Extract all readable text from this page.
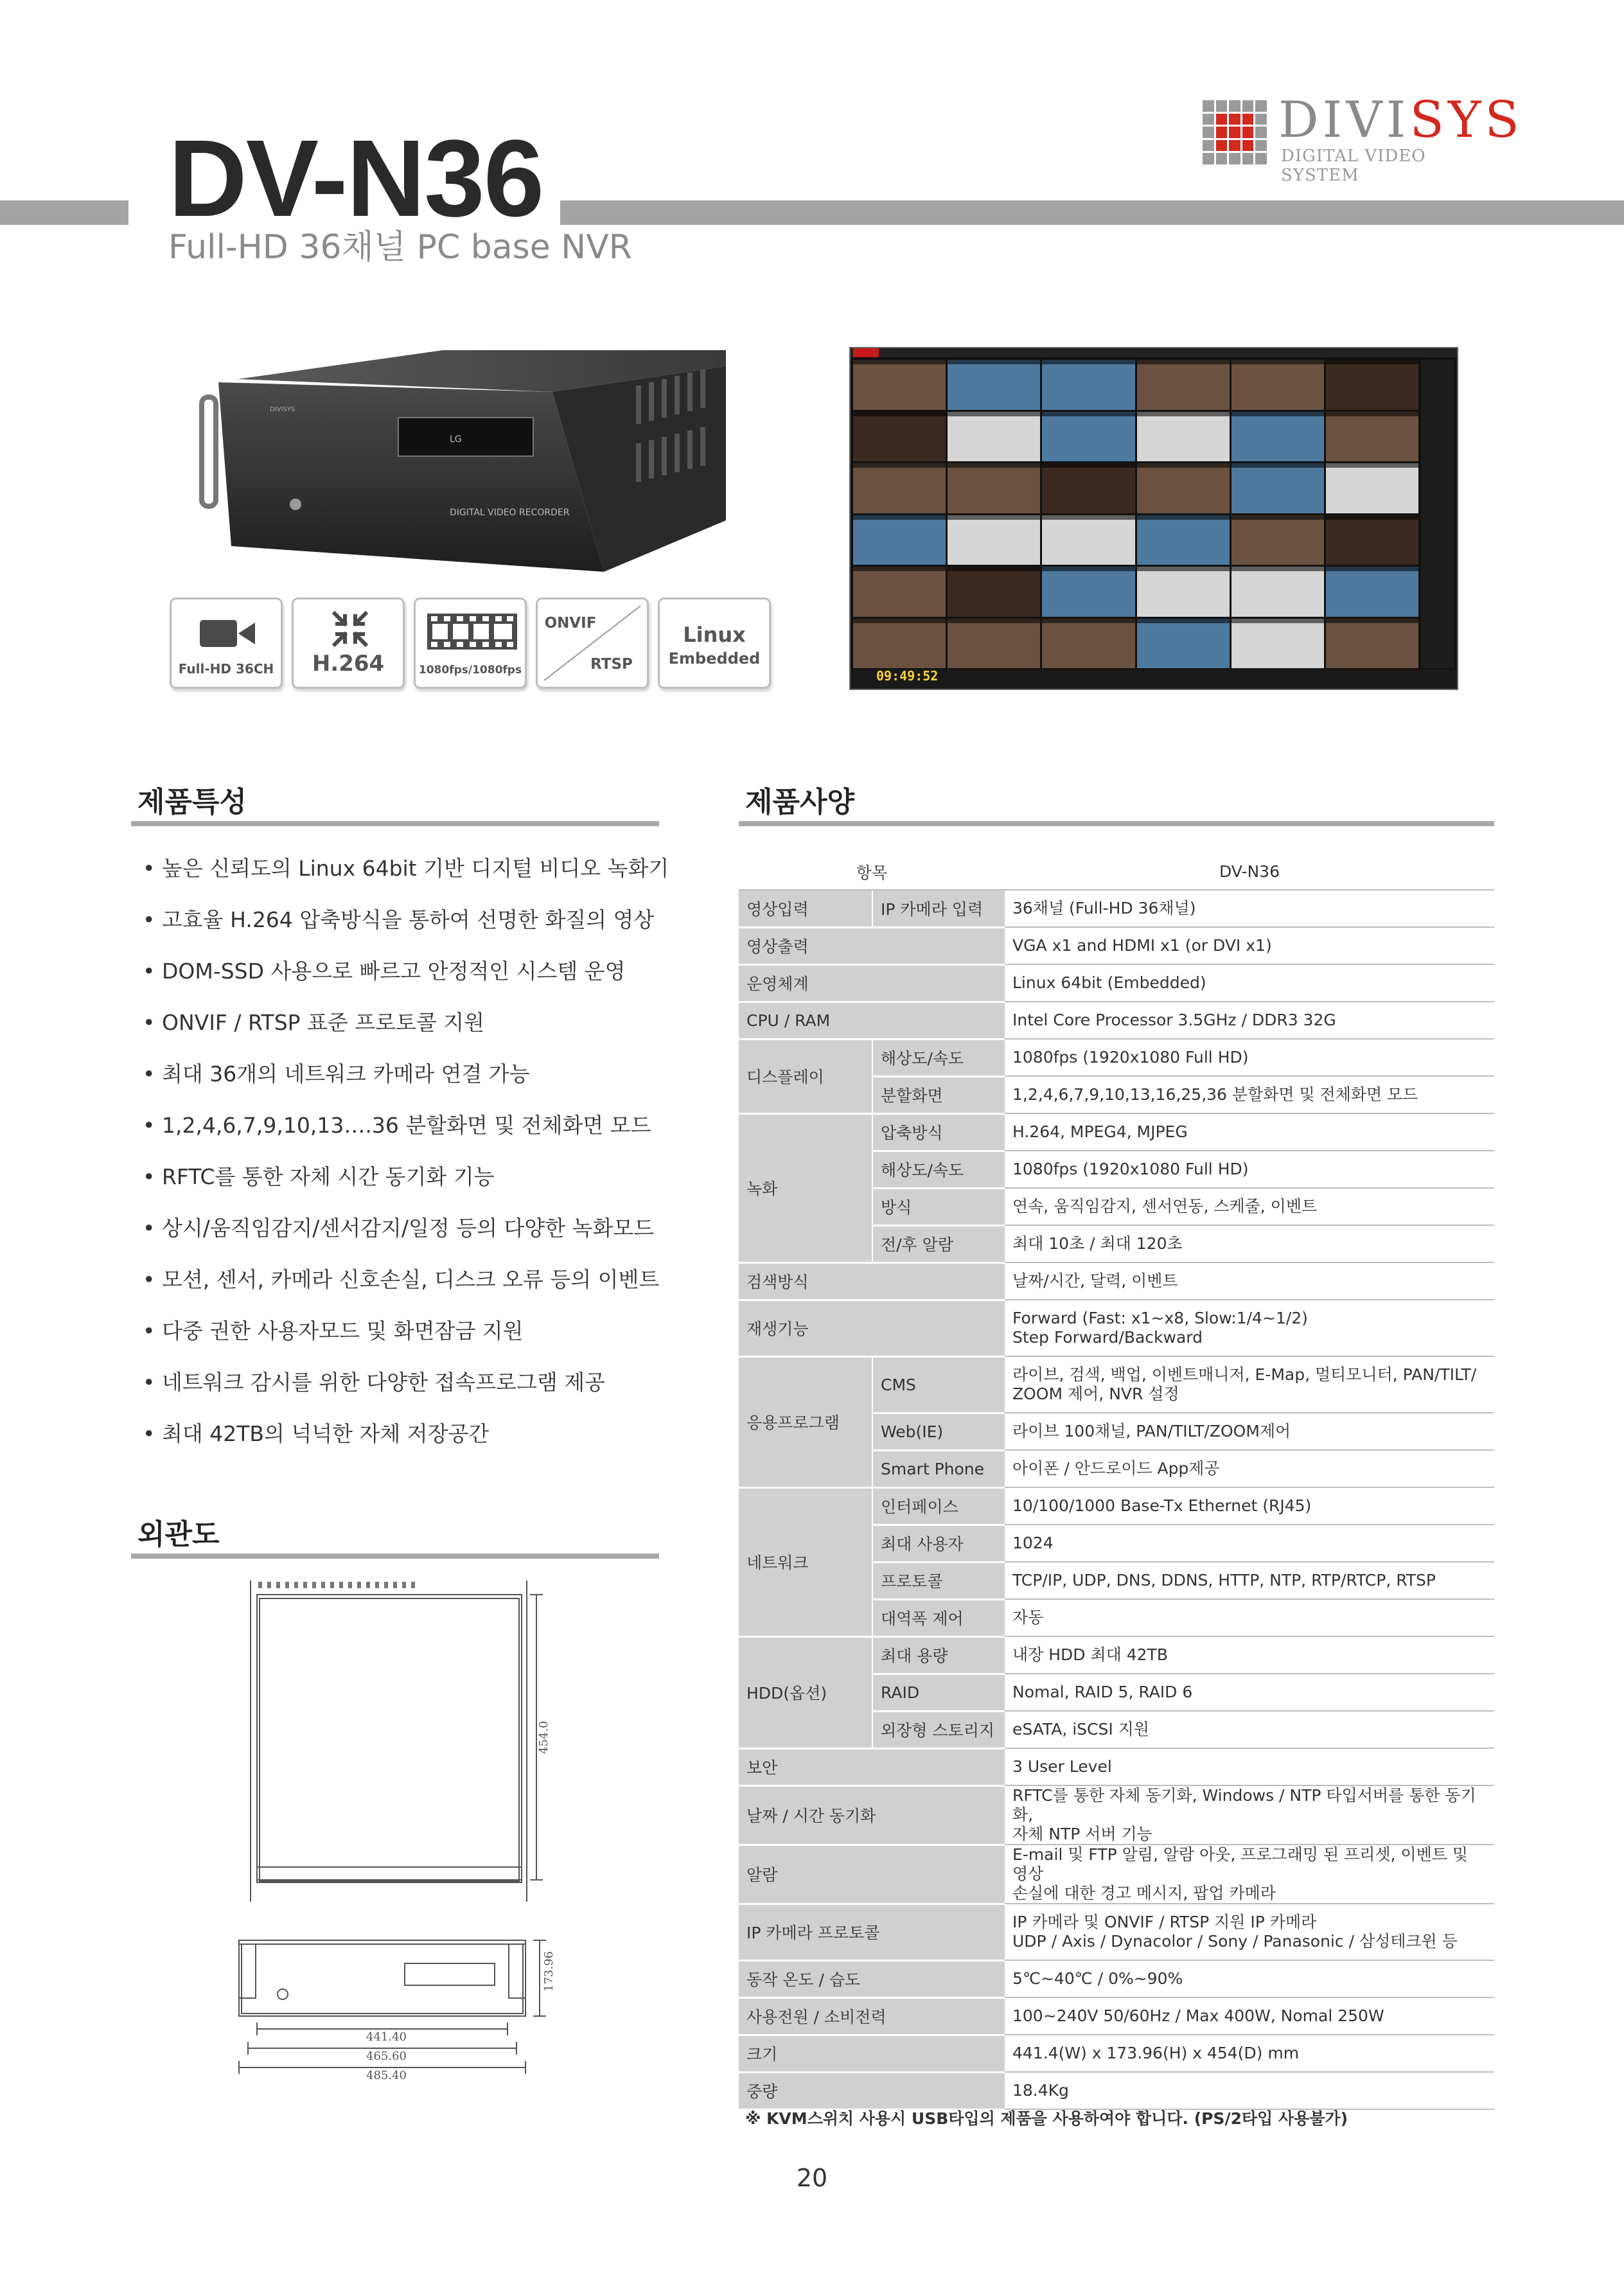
DV-N36
Full-HD 36채널 PC base NVR
DIVISYS
DIGITAL VIDEO SYSTEM
LG
DIVISYS
DIGITAL VIDEO RECORDER
09:49:52
Full-HD 36CH	H.264	1080fps/1080fps
ONVIF
RTSP
Linux
Embedded
제품특성
• 높은 신뢰도의 Linux 64bit 기반 디지털 비디오 녹화기
• 고효율 H.264 압축방식을 통하여 선명한 화질의 영상
• DOM-SSD 사용으로 빠르고 안정적인 시스템 운영
• ONVIF / RTSP 표준 프로토콜 지원
• 최대 36개의 네트워크 카메라 연결 가능
• 1,2,4,6,7,9,10,13….36 분할화면 및 전체화면 모드
• RFTC를 통한 자체 시간 동기화 기능
• 상시/움직임감지/센서감지/일정 등의 다양한 녹화모드
• 모션, 센서, 카메라 신호손실, 디스크 오류 등의 이벤트
• 다중 권한 사용자모드 및 화면잠금 지원
• 네트워크 감시를 위한 다양한 접속프로그램 제공
• 최대 42TB의 넉넉한 자체 저장공간
외관도
454.0
173.96
441.40
465.60
485.40
제품사양
항목		DV-N36
영상입력	IP 카메라 입력	36채널 (Full-HD 36채널)
영상출력		VGA x1 and HDMI x1 (or DVI x1)
운영체계		Linux 64bit (Embedded)
CPU / RAM		Intel Core Processor 3.5GHz / DDR3 32G
디스플레이	해상도/속도	1080fps (1920x1080 Full HD)
	분할화면	1,2,4,6,7,9,10,13,16,25,36 분할화면 및 전체화면 모드
녹화	압축방식	H.264, MPEG4, MJPEG
	해상도/속도	1080fps (1920x1080 Full HD)
	방식	연속, 움직임감지, 센서연동, 스케줄, 이벤트
	전/후 알람	최대 10초 / 최대 120초
검색방식		날짜/시간, 달력, 이벤트
재생기능		Forward (Fast: x1~x8, Slow:1/4~1/2)
Step Forward/Backward

응용프로그램	CMS	라이브, 검색, 백업, 이벤트매니저, E-Map, 멀티모니터, PAN/TILT/
ZOOM 제어, NVR 설정

	Web(IE)	라이브 100채널, PAN/TILT/ZOOM제어
	Smart Phone	아이폰 / 안드로이드 App제공
네트워크	인터페이스	10/100/1000 Base-Tx Ethernet (RJ45)
	최대 사용자	1024
	프로토콜	TCP/IP, UDP, DNS, DDNS, HTTP, NTP, RTP/RTCP, RTSP
	대역폭 제어	자동
HDD(옵션)	최대 용량	내장 HDD 최대 42TB
	RAID	Nomal, RAID 5, RAID 6
	외장형 스토리지	eSATA, iSCSI 지원
보안		3 User Level
날짜 / 시간 동기화		RFTC를 통한 자체 동기화, Windows / NTP 타입서버를 통한 동기화,
자체 NTP 서버 기능

알람		E-mail 및 FTP 알림, 알람 아웃, 프로그래밍 된 프리셋, 이벤트 및 영상
손실에 대한 경고 메시지, 팝업 카메라

IP 카메라 프로토콜		IP 카메라 및 ONVIF / RTSP 지원 IP 카메라
UDP / Axis / Dynacolor / Sony / Panasonic / 삼성테크윈 등

동작 온도 / 습도		5℃~40℃ / 0%~90%
사용전원 / 소비전력		100~240V 50/60Hz / Max 400W, Nomal 250W
크기		441.4(W) x 173.96(H) x 454(D) mm
중량		18.4Kg
※ KVM스위치 사용시 USB타입의 제품을 사용하여야 합니다. (PS/2타입 사용불가)
20
